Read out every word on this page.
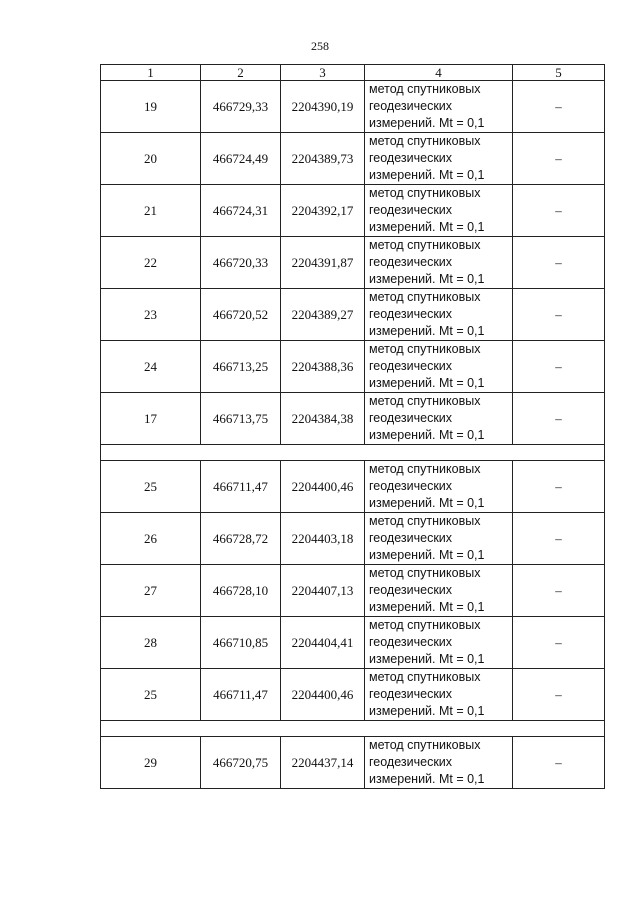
258
1	2	3	4	5
19	466729,33	2204390,19	метод спутниковых
геодезических
измерений. Mt = 0,1	–
20	466724,49	2204389,73	метод спутниковых
геодезических
измерений. Mt = 0,1	–
21	466724,31	2204392,17	метод спутниковых
геодезических
измерений. Mt = 0,1	–
22	466720,33	2204391,87	метод спутниковых
геодезических
измерений. Mt = 0,1	–
23	466720,52	2204389,27	метод спутниковых
геодезических
измерений. Mt = 0,1	–
24	466713,25	2204388,36	метод спутниковых
геодезических
измерений. Mt = 0,1	–
17	466713,75	2204384,38	метод спутниковых
геодезических
измерений. Mt = 0,1	–

25	466711,47	2204400,46	метод спутниковых
геодезических
измерений. Mt = 0,1	–
26	466728,72	2204403,18	метод спутниковых
геодезических
измерений. Mt = 0,1	–
27	466728,10	2204407,13	метод спутниковых
геодезических
измерений. Mt = 0,1	–
28	466710,85	2204404,41	метод спутниковых
геодезических
измерений. Mt = 0,1	–
25	466711,47	2204400,46	метод спутниковых
геодезических
измерений. Mt = 0,1	–

29	466720,75	2204437,14	метод спутниковых
геодезических
измерений. Mt = 0,1	–
